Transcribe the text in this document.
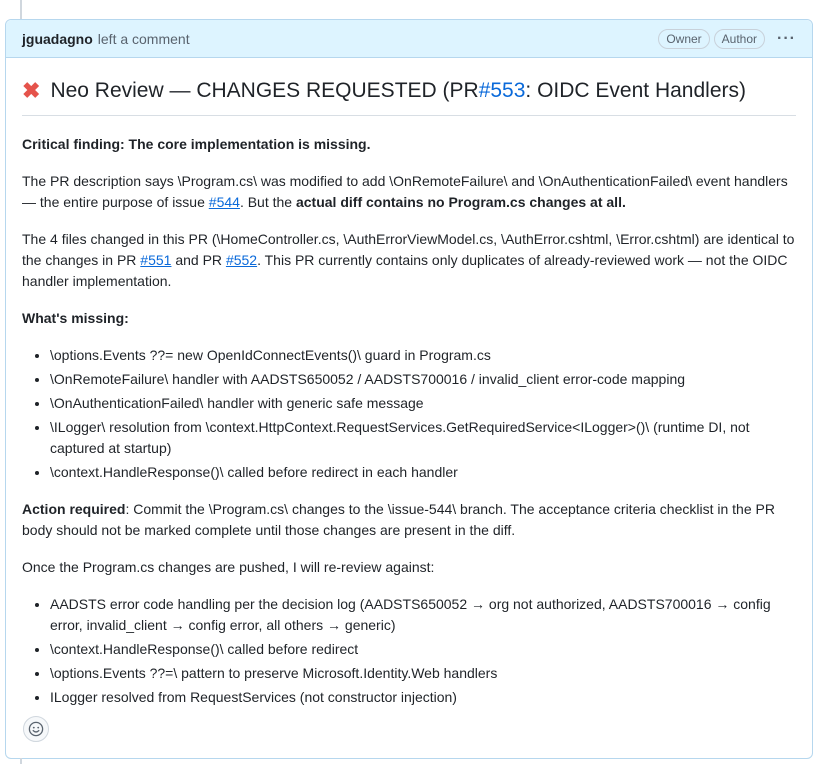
jguadagno left a comment	Owner	Author	···
✖ Neo Review — CHANGES REQUESTED (PR #553 : OIDC Event Handlers)

Critical finding: The core implementation is missing.

The PR description says \Program.cs\ was modified to add \OnRemoteFailure\ and \OnAuthenticationFailed\ event handlers — the entire purpose of issue #544. But the actual diff contains no Program.cs changes at all.

The 4 files changed in this PR (\HomeController.cs, \AuthErrorViewModel.cs, \AuthError.cshtml, \Error.cshtml) are identical to the changes in PR #551 and PR #552. This PR currently contains only duplicates of already-reviewed work — not the OIDC handler implementation.

What's missing:

• \options.Events ??= new OpenIdConnectEvents()\ guard in Program.cs
• \OnRemoteFailure\ handler with AADSTS650052 / AADSTS700016 / invalid_client error-code mapping
• \OnAuthenticationFailed\ handler with generic safe message
• \ILogger\ resolution from \context.HttpContext.RequestServices.GetRequiredService<ILogger>()\ (runtime DI, not captured at startup)
• \context.HandleResponse()\ called before redirect in each handler

Action required: Commit the \Program.cs\ changes to the \issue-544\ branch. The acceptance criteria checklist in the PR body should not be marked complete until those changes are present in the diff.

Once the Program.cs changes are pushed, I will re-review against:

• AADSTS error code handling per the decision log (AADSTS650052 → org not authorized, AADSTS700016 → config error, invalid_client → config error, all others → generic)
• \context.HandleResponse()\ called before redirect
• \options.Events ??=\ pattern to preserve Microsoft.Identity.Web handlers
• ILogger resolved from RequestServices (not constructor injection)
